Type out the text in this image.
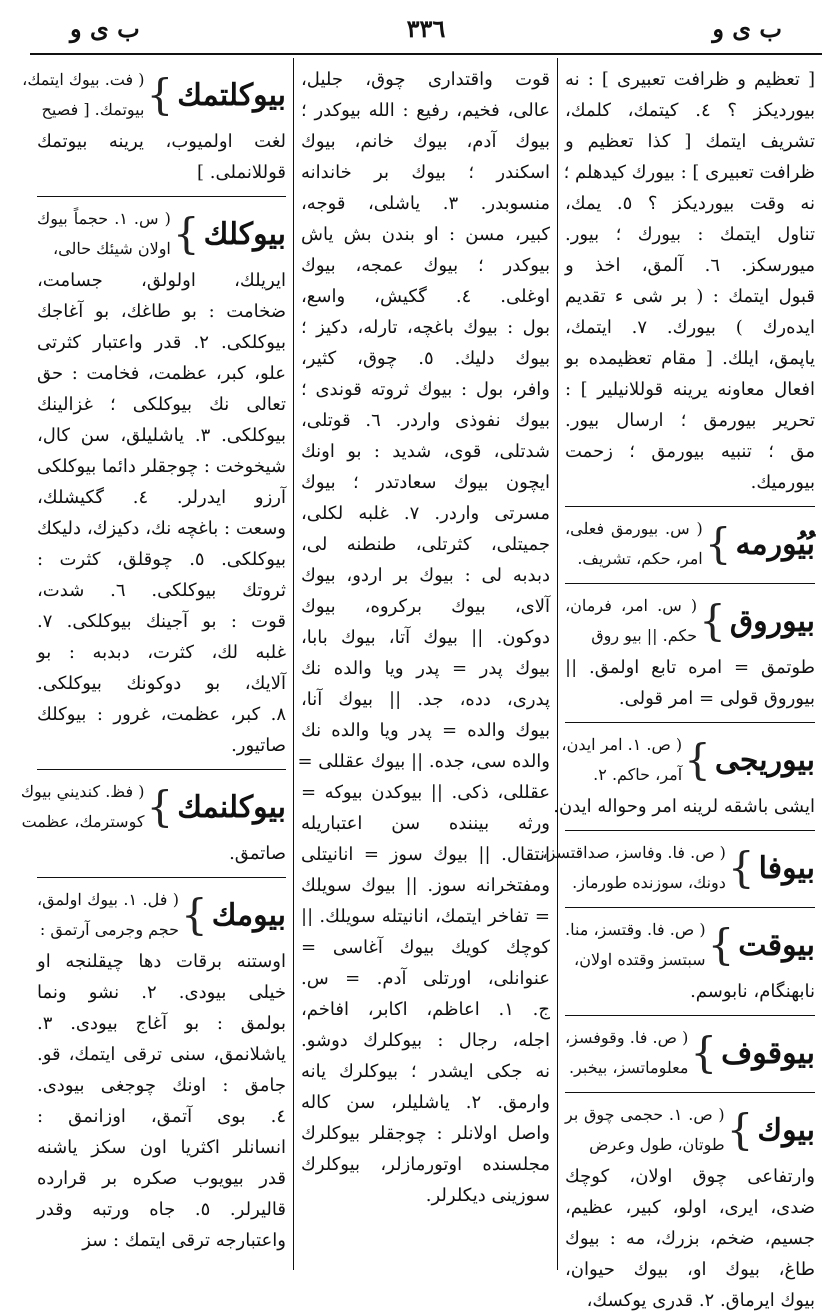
ب ى و
٣٣٦
ب ى و
[ تعظيم و ظرافت تعبيرى ] : نه
بيورديكز ؟ ٤. كيتمك، كلمك،
تشريف ايتمك [ كذا تعظيم و
ظرافت تعبيرى ] : بيورك كيدهلم ؛
نه وقت بيورديكز ؟ ٥. يمك،
تناول ايتمك : بيورك ؛ بيور.
ميورسكز. ٦. آلمق، اخذ و
قبول ايتمك : ( بر شى ء تقديم
ايدەرك ) بيورك. ٧. ايتمك،
ياپمق، ايلك. [ مقام تعظيمده بو
افعال معاونه يرينه قوللانيلير ] :
تحرير بيورمق ؛ ارسال بيور.
مق ؛ تنبيه بيورمق ؛ زحمت
بيورميك.
بُيُورمه
}
( س. بيورمق فعلى،
امر، حكم، تشريف.
بيوروق
}
( س. امر، فرمان،
حكم. || بيو روق
طوتمق = امره تابع اولمق. ||
بيوروق قولى = امر قولى.
بيوريجى
}
( ص. ١. امر ايدن،
آمر، حاكم. ٢.
ايشى باشقه لرينه امر وحواله ايدن.
بيوفا
}
( ص. فا. وفاسز، صداقتسز،
دونك، سوزنده طورماز.
بيوقت
}
( ص. فا. وقتسز، منا.
سبتسز وقتده اولان،
نابهنگام، نابوسم.
بيوقوف
}
( ص. فا. وقوفسز،
معلوماتسز، بيخبر.
بيوك
}
( ص. ١. حجمى چوق بر
طوتان، طول وعرض
وارتفاعى چوق اولان، كوچك
ضدى، ايرى، اولو، كبير، عظيم،
جسيم، ضخم، بزرك، مه : بيوك
طاغ، بيوك او، بيوك حيوان،
بيوك ايرماق. ٢. قدرى يوكسك،
قوت واقتدارى چوق، جليل،
عالى، فخيم، رفيع : الله بيوكدر ؛
بيوك آدم، بيوك خانم، بيوك
اسكندر ؛ بيوك بر خاندانه
منسوبدر. ٣. ياشلى، قوجه،
كبير، مسن : او بندن بش ياش
بيوكدر ؛ بيوك عمجه، بيوك
اوغلى. ٤. گكيش، واسع،
بول : بيوك باغچه، تارله، دكيز ؛
بيوك دليك. ٥. چوق، كثير،
وافر، بول : بيوك ثروته قوندى ؛
بيوك نفوذى واردر. ٦. قوتلى،
شدتلى، قوى، شديد : بو اونك
ايچون بيوك سعادتدر ؛ بيوك
مسرتى واردر. ٧. غلبه لكلى،
جميتلى، كثرتلى، طنطنه لى،
دبدبه لى : بيوك بر اردو، بيوك
آلاى، بيوك بركروه، بيوك
دوكون. || بيوك آتا، بيوك بابا،
بيوك پدر = پدر ويا والده نك
پدرى، دده، جد. || بيوك آنا،
بيوك والده = پدر ويا والده نك
والده سى، جده. || بيوك عقللى =
عقللى، ذكى. || بيوكدن بيوكه =
ورثه بيننده سن اعتباريله
انتقال. || بيوك سوز = انانيتلى
ومفتخرانه سوز. || بيوك سويلك
= تفاخر ايتمك، انانيتله سويلك. ||
كوچك كويك بيوك آغاسى =
عنوانلى، اورتلى آدم. = س.
ج. ١. اعاظم، اكابر، افاخم،
اجله، رجال : بيوكلرك دوشو.
نه جكى ايشدر ؛ بيوكلرك يانه
وارمق. ٢. ياشليلر، سن كاله
واصل اولانلر : چوجقلر بيوكلرك
مجلسنده اوتورمازلر، بيوكلرك
سوزينى ديكلرلر.
بيوكلتمك
}
( فت. بيوك ايتمك،
بيوتمك. [ فصيح
لغت اولميوب، يرينه بيوتمك
قوللانملى. ]
بيوكلك
}
( س. ١. حجماً بيوك
اولان شيئك حالى،
ايريلك، اولولق، جسامت،
ضخامت : بو طاغك، بو آغاجك
بيوكلكى. ٢. قدر واعتبار كثرتى
علو، كبر، عظمت، فخامت : حق
تعالى نك بيوكلكى ؛ غزالينك
بيوكلكى. ٣. ياشليلق، سن كال،
شيخوخت : چوجقلر دائما بيوكلكى
آرزو ايدرلر. ٤. گكيشلك،
وسعت : باغچه نك، دكيزك، دليكك
بيوكلكى. ٥. چوقلق، كثرت :
ثروتك بيوكلكى. ٦. شدت،
قوت : بو آجينك بيوكلكى. ٧.
غلبه لك، كثرت، دبدبه : بو
آلايك، بو دوكونك بيوكلكى.
٨. كبر، عظمت، غرور : بيوكلك
صاتيور.
بيوكلنمك
}
( فظ. كنديني بيوك
كوسترمك، عظمت
صاتمق.
بيومك
}
( فل. ١. بيوك اولمق،
حجم وجرمى آرتمق :
اوستنه برقات دها چيقلنجه او
خيلى بيودى. ٢. نشو ونما
بولمق : بو آغاج بيودى. ٣.
ياشلانمق، سنى ترقى ايتمك، قو.
جامق : اونك چوجغى بيودى.
٤. بوى آتمق، اوزانمق :
انسانلر اكثريا اون سكز ياشنه
قدر بيويوب صكره بر قرارده
قاليرلر. ٥. جاه ورتبه وقدر
واعتبارجه ترقى ايتمك : سز
